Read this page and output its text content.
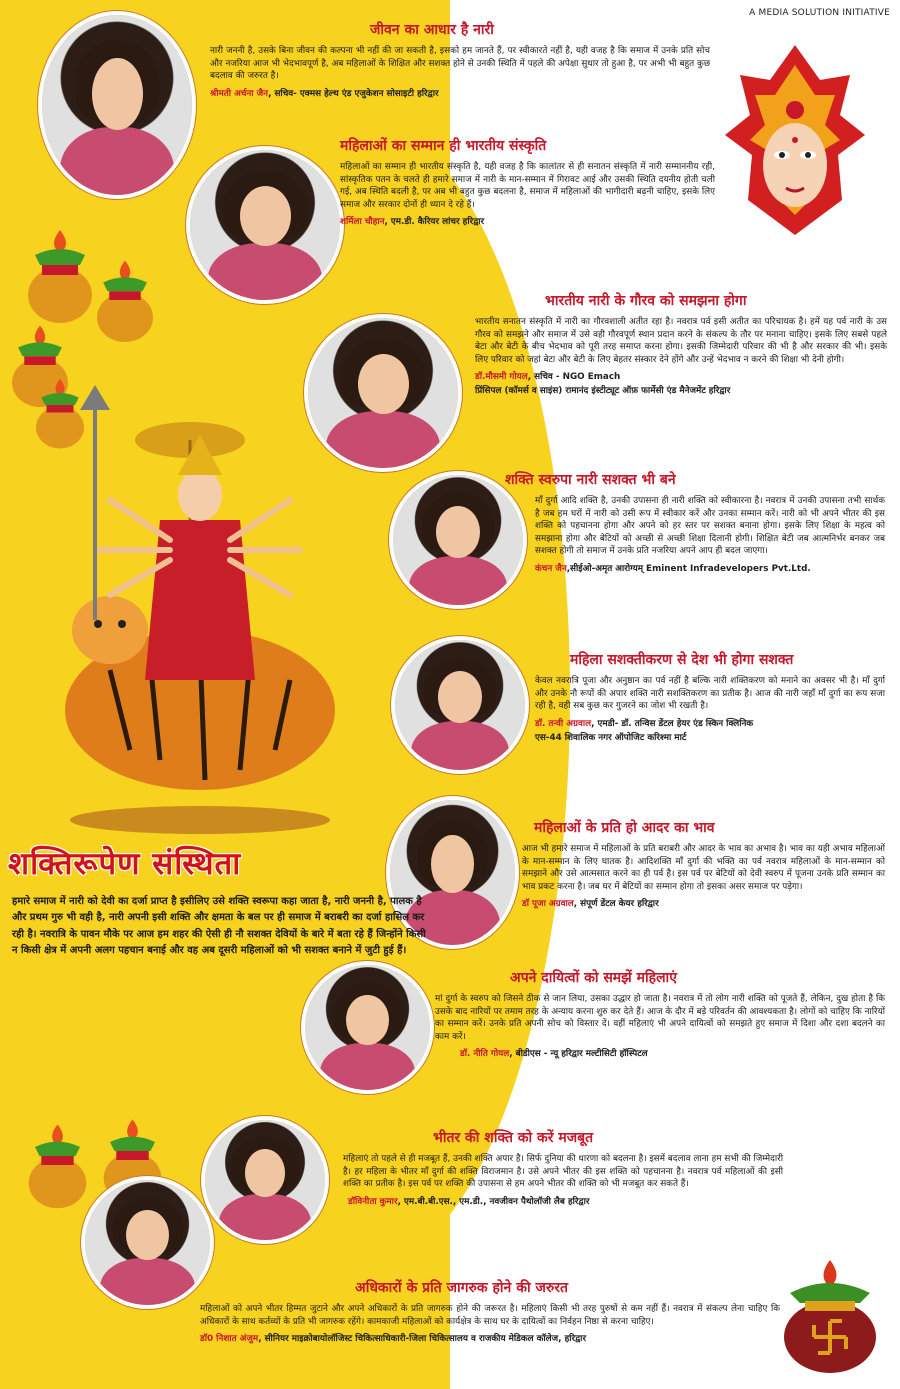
A MEDIA SOLUTION INITIATIVE
शक्तिरूपेण संस्थिता
हमारे समाज में नारी को देवी का दर्जा प्राप्त है इसीलिए उसे शक्ति स्वरूपा कहा जाता है, नारी जननी है, पालक है और प्रथम गुरु भी वही है, नारी अपनी इसी शक्ति और क्षमता के बल पर ही समाज में बराबरी का दर्जा हासिल कर रही है। नवरात्रि के पावन मौके पर आज हम शहर की ऐसी ही नौ सशक्त देवियों के बारे में बता रहे हैं जिन्होंने किसी न किसी क्षेत्र में अपनी अलग पहचान बनाई और वह अब दूसरी महिलाओं को भी सशक्त बनाने में जुटी हुई हैं।
जीवन का आधार है नारी
नारी जननी है, उसके बिना जीवन की कल्पना भी नहीं की जा सकती है, इसको हम जानते हैं, पर स्वीकारते नहीं है, यही वजह है कि समाज में उनके प्रति सोच और नजरिया आज भी भेदभावपूर्ण है, अब महिलाओं के शिक्षित और सशक्त होने से उनकी स्थिति में पहले की अपेक्षा सुधार तो हुआ है, पर अभी भी बहुत कुछ बदलाव की जरुरत है।
श्रीमती अर्चना जैन, सचिव- एक्मस हेल्थ एंड एजुकेशन सोसाइटी हरिद्वार
महिलाओं का सम्मान ही भारतीय संस्कृति
महिलाओं का सम्मान ही भारतीय संस्कृति है, यही वजह है कि कालांतर से ही सनातन संस्कृति में नारी सम्माननीय रही, सांस्कृतिक पतन के चलते ही हमारे समाज में नारी के मान-सम्मान में गिरावट आई और उसकी स्थिति दयनीय होती चली गई, अब स्थिति बदली है, पर अब भी बहुत कुछ बदलना है, समाज में महिलाओं की भागीदारी बढ़नी चाहिए, इसके लिए समाज और सरकार दोनों ही ध्यान दे रहे हैं।
शर्मिला चौहान, एम.डी. कैरियर लांचर हरिद्वार
भारतीय नारी के गौरव को समझना होगा
भारतीय सनातन संस्कृति में नारी का गौरवशाली अतीत रहा है। नवरात्र पर्व इसी अतीत का परिचायक है। हमें यह पर्व नारी के उस गौरव को समझने और समाज में उसे वही गौरवपूर्ण स्थान प्रदान करने के संकल्प के तौर पर मनाना चाहिए। इसके लिए सबसे पहले बेटा और बेटी के बीच भेदभाव को पूरी तरह समाप्त करना होगा। इसकी जिम्मेदारी परिवार की भी है और सरकार की भी। इसके लिए परिवार को जहां बेटा और बेटी के लिए बेहतर संस्कार देने होंगे और उन्हें भेदभाव न करने की शिक्षा भी देनी होगी।
डॉ.मौसमी गोयल, सचिव - NGO Emach
प्रिंसिपल (कॉमर्स व साइंस) रामानंद इंस्टीट्यूट ऑफ़ फार्मेसी एंड मैनेजमेंट हरिद्वार
शक्ति स्वरुपा नारी सशक्त भी बने
माँ दुर्गा आदि शक्ति है, उनकी उपासना ही नारी शक्ति को स्वीकारना है। नवरात्र में उनकी उपासना तभी सार्थक है जब हम घरों में नारी को उसी रूप में स्वीकार करें और उनका सम्मान करें। नारी को भी अपने भीतर की इस शक्ति को पहचानना होगा और अपने को हर स्तर पर सशक्त बनाना होगा। इसके लिए शिक्षा के महत्व को समझाना होगा और बेटियों को अच्छी से अच्छी शिक्षा दिलानी होगी। शिक्षित बेटी जब आत्मनिर्भर बनकर जब सशक्त होगी तो समाज में उनके प्रति नजरिया अपने आप ही बदल जाएगा।
कंचन जैन,सीईओ-अमृत आरोग्यम् Eminent Infradevelopers Pvt.Ltd.
महिला सशक्तीकरण से देश भी होगा सशक्त
केवल नवरात्रि पूजा और अनुष्ठान का पर्व नहीं है बल्कि नारी शक्तिकरण को मनाने का अवसर भी है। माँ दुर्गा और उनके नौ रूपों की अपार शक्ति नारी सशक्तिकरण का प्रतीक है। आज की नारी जहाँ माँ दुर्गा का रूप सजा रही है, वही सब कुछ कर गुजरने का जोश भी रखती है।
डॉ. तन्वी अग्रवाल, एमडी- डॉ. तन्विस डेंटल हेयर एंड स्किन क्लिनिक
एस-44 शिवालिक नगर ऑपोजिट करिश्मा मार्ट
महिलाओं के प्रति हो आदर का भाव
आज भी हमारे समाज में महिलाओं के प्रति बराबरी और आदर के भाव का अभाव है। भाव का यही अभाव महिलाओं के मान-सम्मान के लिए घातक है। आदिशक्ति माँ दुर्गा की भक्ति का पर्व नवरात्र महिलाओं के मान-सम्मान को समझाने और उसे आत्मसात करने का ही पर्व है। इस पर्व पर बेटियों को देवी स्वरुप में पूजना उनके प्रति सम्मान का भाव प्रकट करना है। जब घर में बेटियों का सम्मान होगा तो इसका असर समाज पर पड़ेगा।
डॉ पूजा अग्रवाल, संपूर्ण डेंटल केयर हरिद्वार
अपने दायित्वों को समझें महिलाएं
मां दुर्गा के स्वरुप को जिसने ठीक से जान लिया, उसका उद्धार हो जाता है। नवरात्र में तो लोग नारी शक्ति को पूजते हैं, लेकिन, दुख होता है कि उसके बाद नारियों पर तमाम तरह के अन्याय करना शुरु कर देते हैं। आज के दौर में बड़े परिवर्तन की आवश्यकता है। लोगों को चाहिए कि नारियों का सम्मान करें। उनके प्रति अपनी सोच को विस्तार दें। वहीं महिलाएं भी अपने दायित्वों को समझते हुए समाज में दिशा और दशा बदलने का काम करें।
डॉ. नीति गोयल, बीडीएस - न्यू हरिद्वार मल्टीसिटी हॉस्पिटल
भीतर की शक्ति को करें मजबूत
महिलाएं तो पहले से ही मजबूत हैं, उनकी शक्ति अपार है। सिर्फ दुनिया की धारणा को बदलना है। इसमें बदलाव लाना हम सभी की जिम्मेदारी है। हर महिला के भीतर माँ दुर्गा की शक्ति विराजमान है। उसे अपने भीतर की इस शक्ति को पहचानना है। नवरात्र पर्व महिलाओं की इसी शक्ति का प्रतीक है। इस पर्व पर शक्ति की उपासना से हम अपने भीतर की शक्ति को भी मजबूत कर सकते हैं।
डॉविनीता कुमार, एम.बी.बी.एस., एम.डी., नवजीवन पैथोलॉजी लैब हरिद्वार
अधिकारों के प्रति जागरुक होने की जरुरत
महिलाओं को अपने भीतर हिम्मत जुटाने और अपने अधिकारों के प्रति जागरुक होने की जरूरत है। महिलाएं किसी भी तरह पुरुषों से कम नहीं हैं। नवरात्र में संकल्प लेना चाहिए कि अधिकारों के साथ कर्तव्यों के प्रति भी जागरुक रहेंगे। कामकाजी महिलाओं को कार्यक्षेत्र के साथ घर के दायित्वों का निर्वहन निष्ठा से करना चाहिए।
डॉ0 निशात अंजुम, सीनियर माइक्रोबायोलॉजिस्ट चिकित्साधिकारी-जिला चिकित्सालय व राजकीय मेडिकल कॉलेज, हरिद्वार
